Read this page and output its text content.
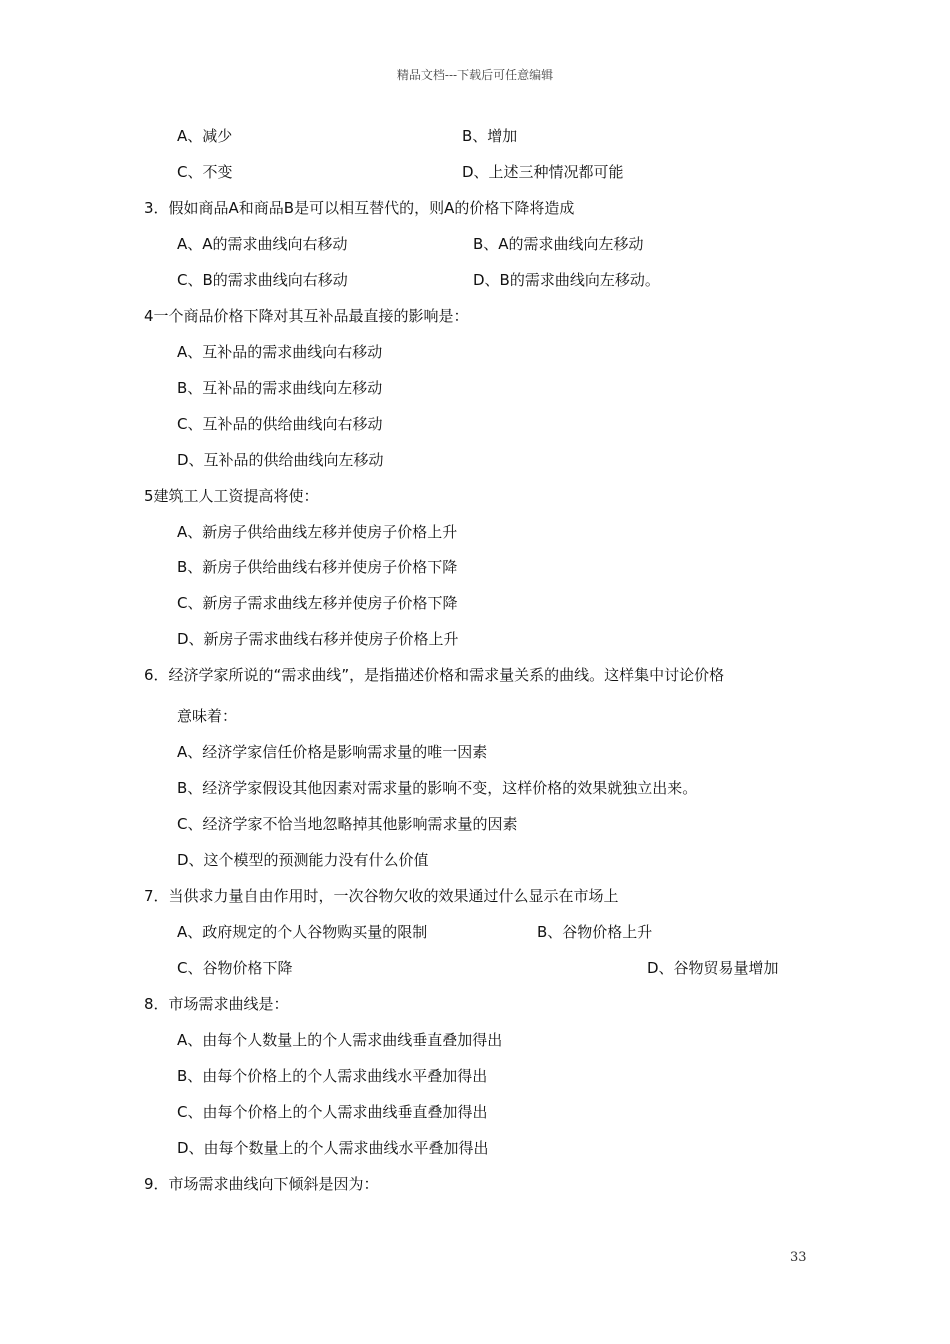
精品文档---下载后可任意编辑
A、减少	B、增加
C、不变	D、上述三种情况都可能
3．假如商品A和商品B是可以相互替代的，则A的价格下降将造成
A、A的需求曲线向右移动	B、A的需求曲线向左移动
C、B的需求曲线向右移动	D、B的需求曲线向左移动。
4一个商品价格下降对其互补品最直接的影响是：
A、互补品的需求曲线向右移动
B、互补品的需求曲线向左移动
C、互补品的供给曲线向右移动
D、互补品的供给曲线向左移动
5建筑工人工资提高将使：
A、新房子供给曲线左移并使房子价格上升
B、新房子供给曲线右移并使房子价格下降
C、新房子需求曲线左移并使房子价格下降
D、新房子需求曲线右移并使房子价格上升
6．经济学家所说的“需求曲线”，是指描述价格和需求量关系的曲线。这样集中讨论价格
意味着：
A、经济学家信任价格是影响需求量的唯一因素
B、经济学家假设其他因素对需求量的影响不变，这样价格的效果就独立出来。
C、经济学家不恰当地忽略掉其他影响需求量的因素
D、这个模型的预测能力没有什么价值
7．当供求力量自由作用时，一次谷物欠收的效果通过什么显示在市场上
A、政府规定的个人谷物购买量的限制	B、谷物价格上升
C、谷物价格下降	D、谷物贸易量增加
8．市场需求曲线是：
A、由每个人数量上的个人需求曲线垂直叠加得出
B、由每个价格上的个人需求曲线水平叠加得出
C、由每个价格上的个人需求曲线垂直叠加得出
D、由每个数量上的个人需求曲线水平叠加得出
9．市场需求曲线向下倾斜是因为：
33
